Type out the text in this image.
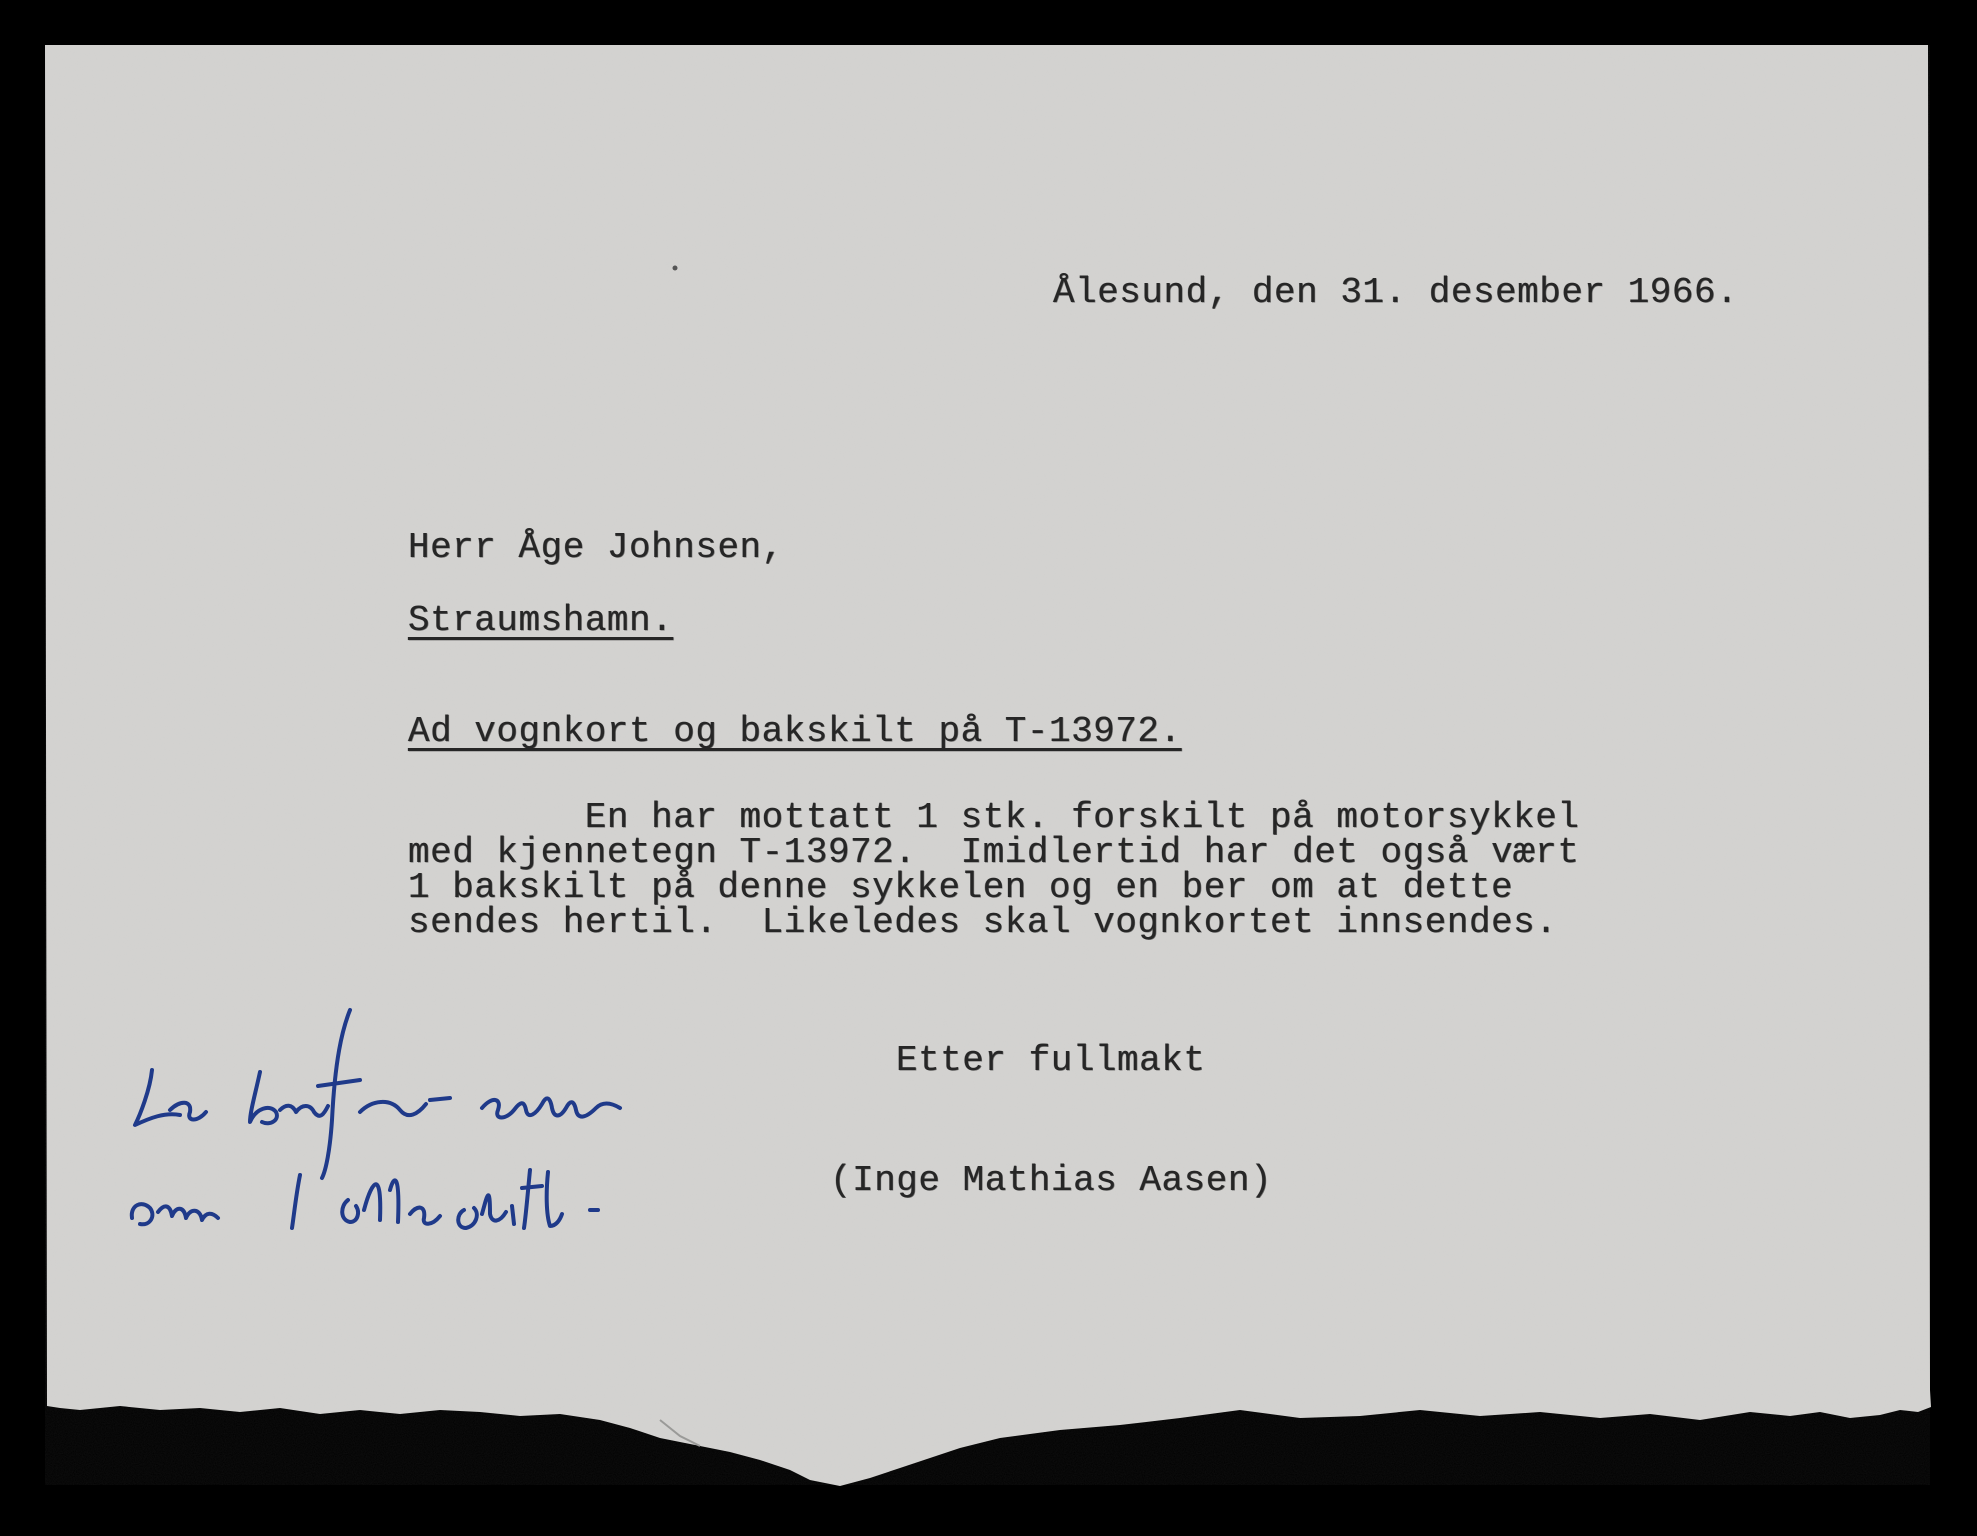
Ålesund, den 31. desember 1966.

Herr Åge Johnsen,

Straumshamn.

Ad vognkort og bakskilt på T-13972.

En har mottatt 1 stk. forskilt på motorsykkel
med kjennetegn T-13972.  Imidlertid har det også vært
1 bakskilt på denne sykkelen og en ber om at dette
sendes hertil.  Likeledes skal vognkortet innsendes.

Etter fullmakt

(Inge Mathias Aasen)
